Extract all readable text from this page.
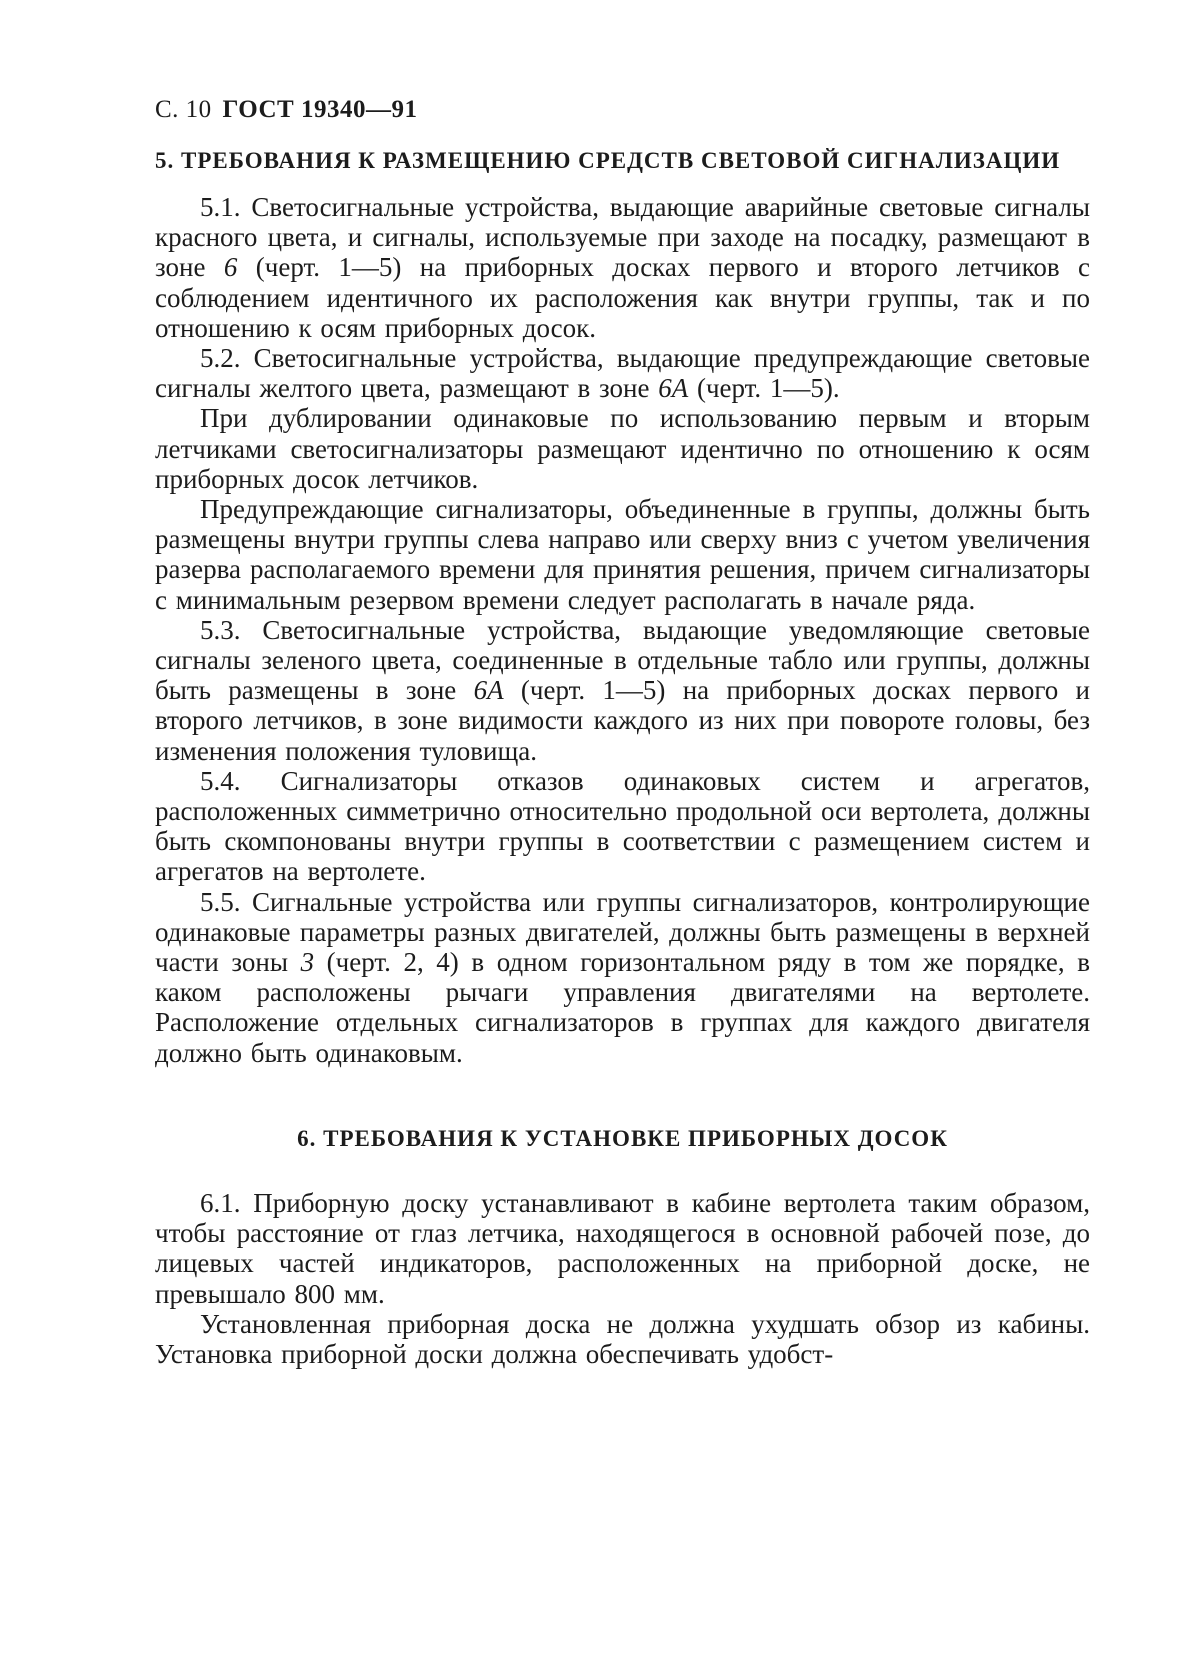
С. 10 ГОСТ 19340—91
5. ТРЕБОВАНИЯ К РАЗМЕЩЕНИЮ СРЕДСТВ СВЕТОВОЙ СИГНАЛИЗАЦИИ

5.1. Светосигнальные устройства, выдающие аварийные световые сигналы красного цвета, и сигналы, используемые при заходе на посадку, размещают в зоне 6 (черт. 1—5) на приборных досках первого и второго летчиков с соблюдением идентичного их расположения как внутри группы, так и по отношению к осям приборных досок.

5.2. Светосигнальные устройства, выдающие предупреждающие световые сигналы желтого цвета, размещают в зоне 6А (черт. 1—5).

При дублировании одинаковые по использованию первым и вторым летчиками светосигнализаторы размещают идентично по отношению к осям приборных досок летчиков.

Предупреждающие сигнализаторы, объединенные в группы, должны быть размещены внутри группы слева направо или сверху вниз с учетом увеличения разерва располагаемого времени для принятия решения, причем сигнализаторы с минимальным резервом времени следует располагать в начале ряда.

5.3. Светосигнальные устройства, выдающие уведомляющие световые сигналы зеленого цвета, соединенные в отдельные табло или группы, должны быть размещены в зоне 6А (черт. 1—5) на приборных досках первого и второго летчиков, в зоне видимости каждого из них при повороте головы, без изменения положения туловища.

5.4. Сигнализаторы отказов одинаковых систем и агрегатов, расположенных симметрично относительно продольной оси вертолета, должны быть скомпонованы внутри группы в соответствии с размещением систем и агрегатов на вертолете.

5.5. Сигнальные устройства или группы сигнализаторов, контролирующие одинаковые параметры разных двигателей, должны быть размещены в верхней части зоны 3 (черт. 2, 4) в одном горизонтальном ряду в том же порядке, в каком расположены рычаги управления двигателями на вертолете. Расположение отдельных сигнализаторов в группах для каждого двигателя должно быть одинаковым.

6. ТРЕБОВАНИЯ К УСТАНОВКЕ ПРИБОРНЫХ ДОСОК

6.1. Приборную доску устанавливают в кабине вертолета таким образом, чтобы расстояние от глаз летчика, находящегося в основной рабочей позе, до лицевых частей индикаторов, расположенных на приборной доске, не превышало 800 мм.

Установленная приборная доска не должна ухудшать обзор из кабины. Установка приборной доски должна обеспечивать удобст-
